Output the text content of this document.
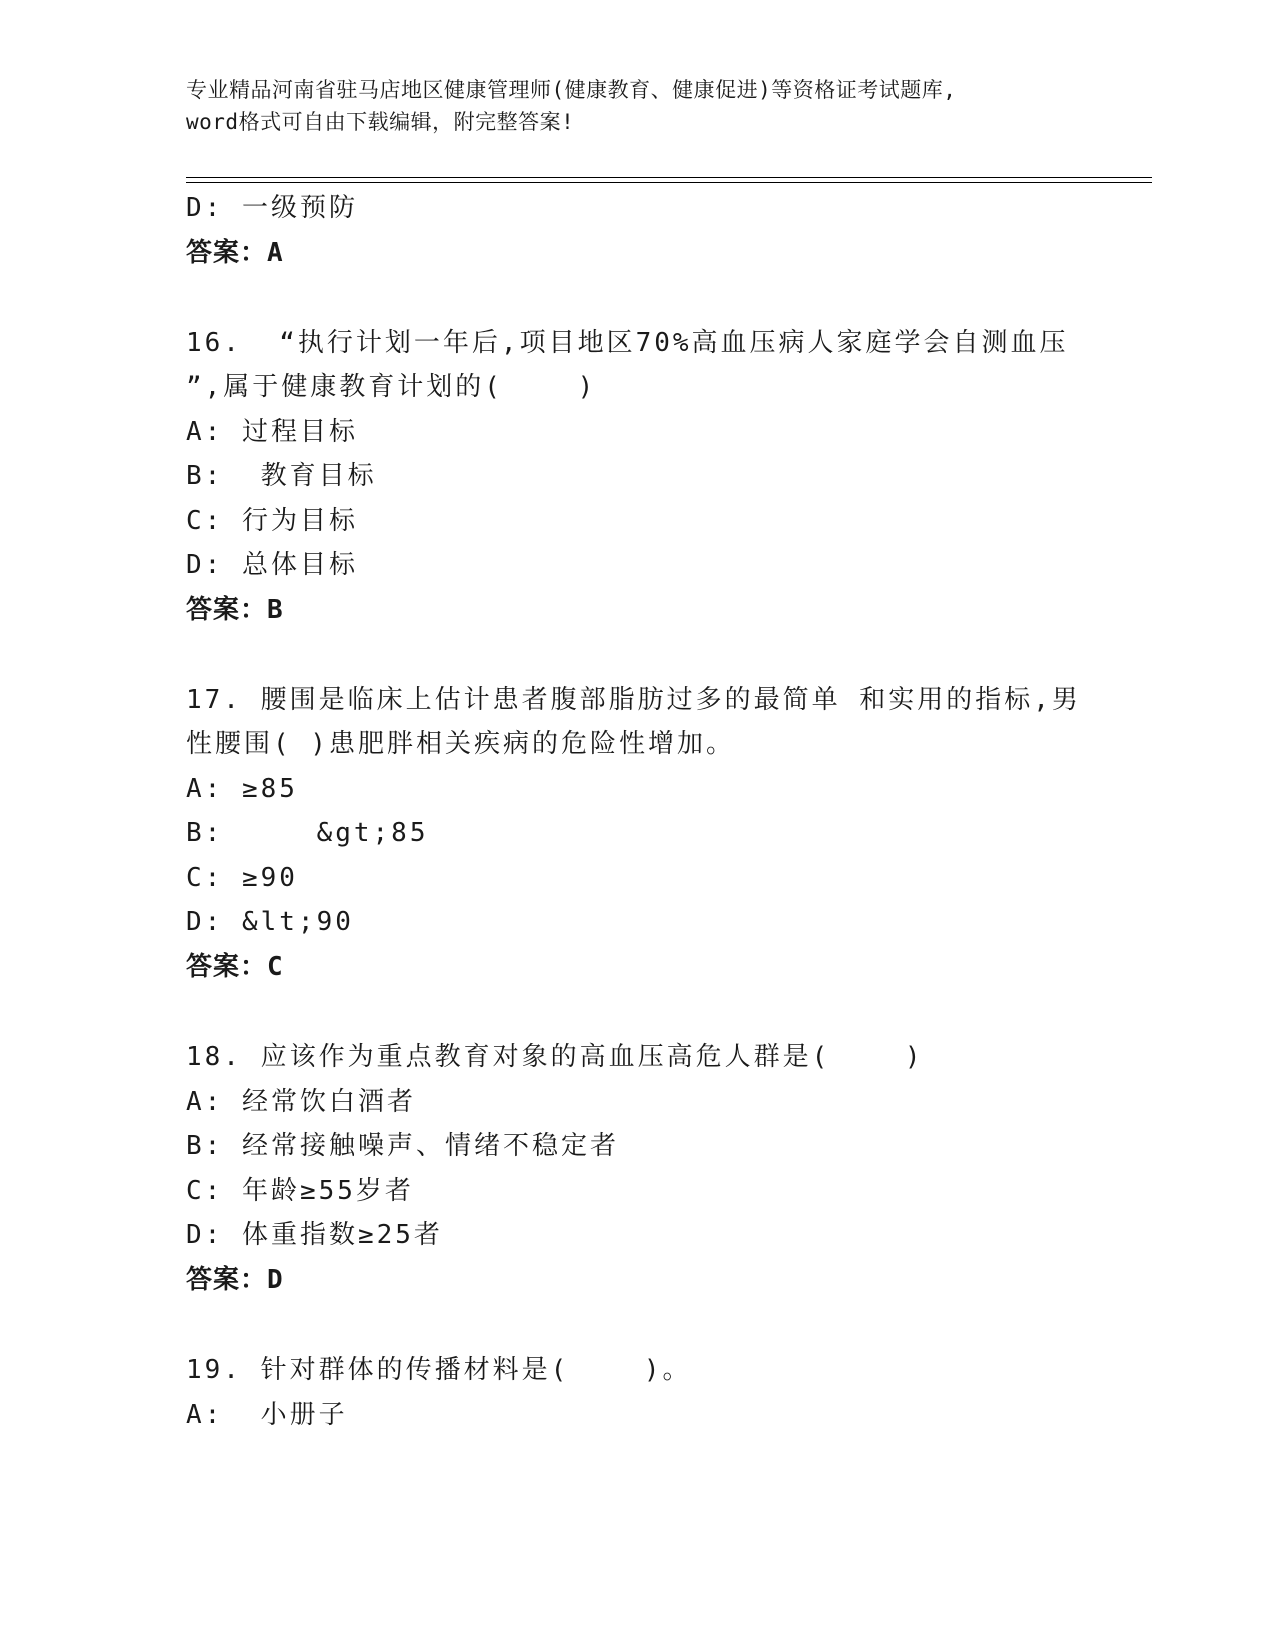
专业精品河南省驻马店地区健康管理师(健康教育、健康促进)等资格证考试题库,
word格式可自由下载编辑，附完整答案!
D: 一级预防
答案：A
16.  “执行计划一年后,项目地区70%高血压病人家庭学会自测血压
”,属于健康教育计划的(    )
A: 过程目标
B:  教育目标
C: 行为目标
D: 总体目标
答案：B
17. 腰围是临床上估计患者腹部脂肪过多的最简单 和实用的指标,男
性腰围( )患肥胖相关疾病的危险性增加。
A: ≥85
B:     &gt;85
C: ≥90
D: &lt;90
答案：C
18. 应该作为重点教育对象的高血压高危人群是(    )
A: 经常饮白酒者
B: 经常接触噪声、情绪不稳定者
C: 年龄≥55岁者
D: 体重指数≥25者
答案：D
19. 针对群体的传播材料是(    )。
A:  小册子
